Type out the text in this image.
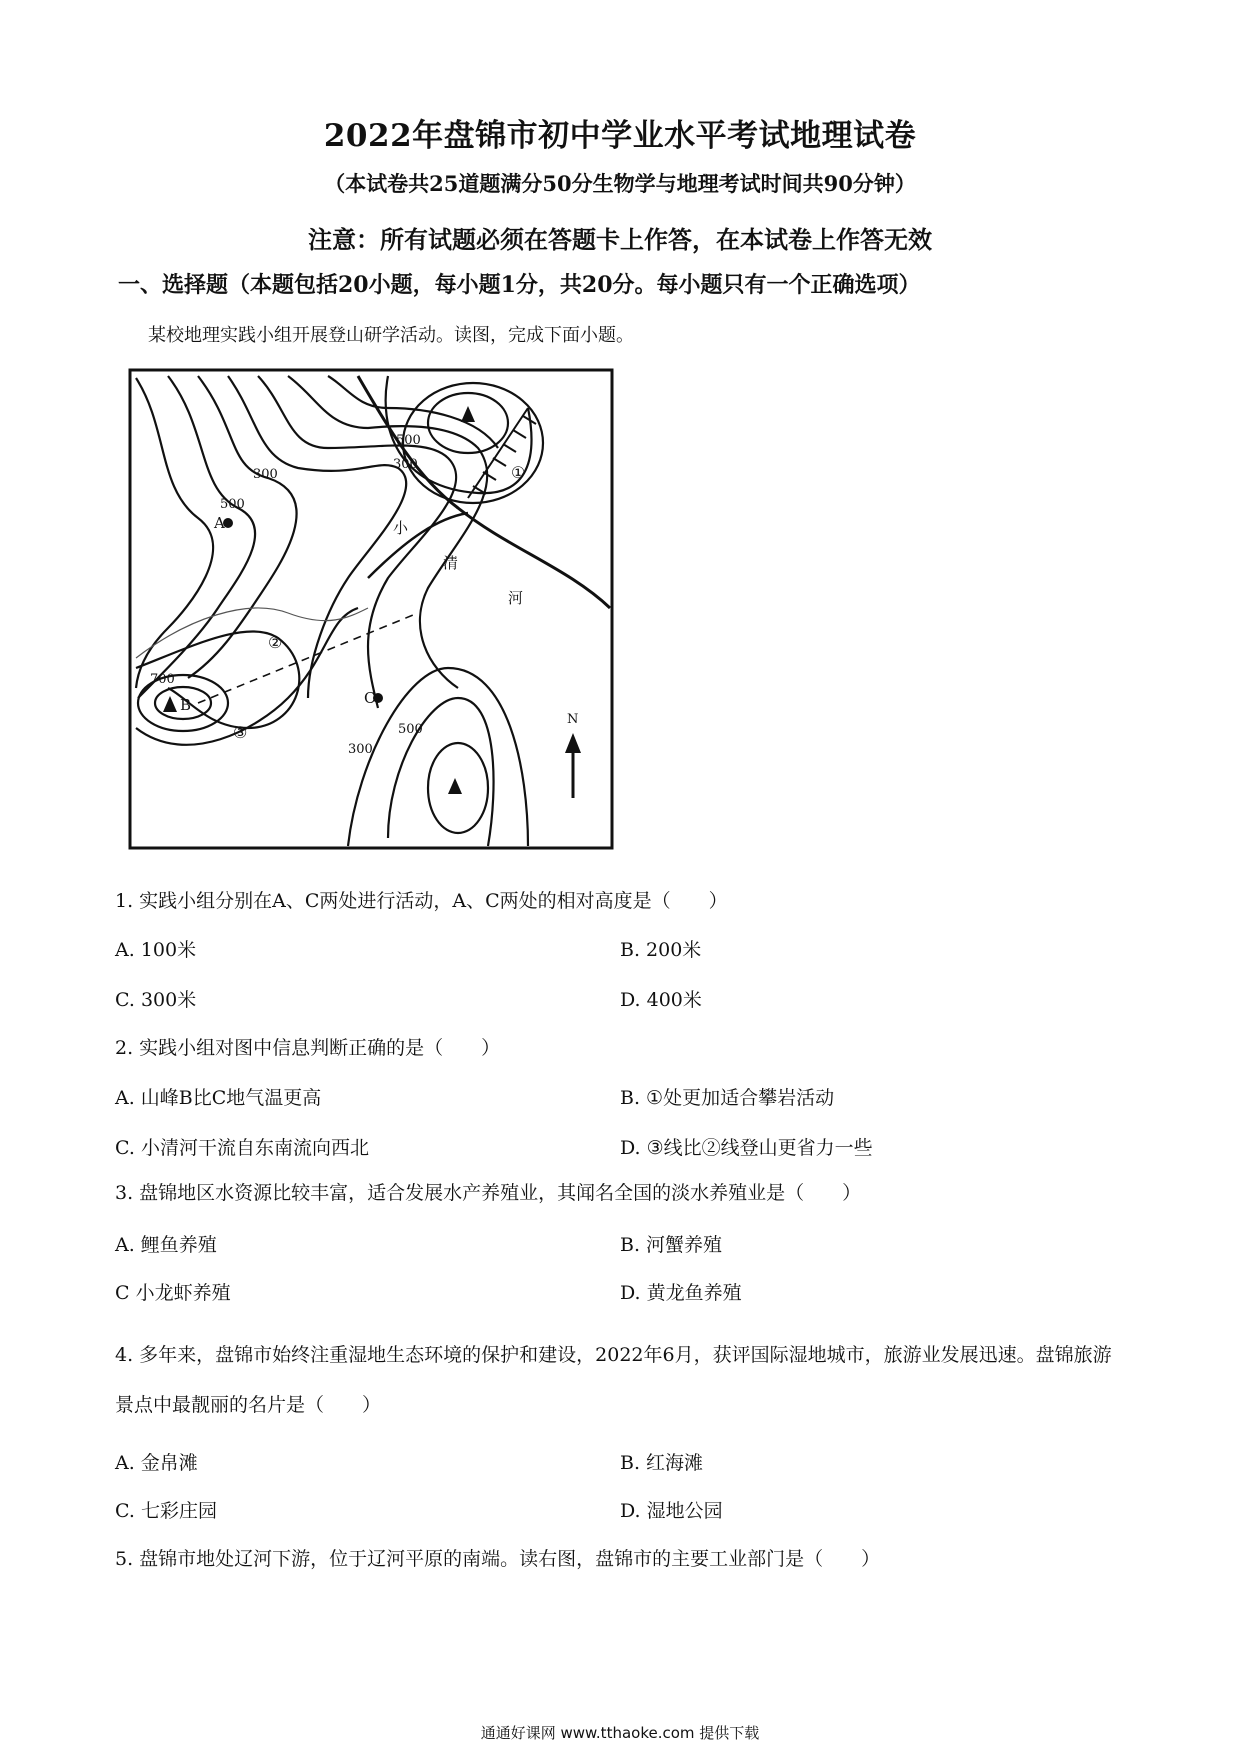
2022年盘锦市初中学业水平考试地理试卷
（本试卷共25道题满分50分生物学与地理考试时间共90分钟）
注意：所有试题必须在答题卡上作答，在本试卷上作答无效
一、选择题（本题包括20小题，每小题1分，共20分。每小题只有一个正确选项）
某校地理实践小组开展登山研学活动。读图，完成下面小题。
300
500
300
500
700
300
500
A
B	C
①
②
③
小
清
河
N
1. 实践小组分别在A、C两处进行活动，A、C两处的相对高度是（　　）
A. 100米	B. 200米
C. 300米	D. 400米
2. 实践小组对图中信息判断正确的是（　　）
A. 山峰B比C地气温更高	B. ①处更加适合攀岩活动
C. 小清河干流自东南流向西北	D. ③线比②线登山更省力一些
3. 盘锦地区水资源比较丰富，适合发展水产养殖业，其闻名全国的淡水养殖业是（　　）
A. 鲤鱼养殖	B. 河蟹养殖
C 小龙虾养殖	D. 黄龙鱼养殖
4. 多年来，盘锦市始终注重湿地生态环境的保护和建设，2022年6月，获评国际湿地城市，旅游业发展迅速。盘锦旅游景点中最靓丽的名片是（　　）
A. 金帛滩	B. 红海滩
C. 七彩庄园	D. 湿地公园
5. 盘锦市地处辽河下游，位于辽河平原的南端。读右图，盘锦市的主要工业部门是（　　）
通通好课网 www.tthaoke.com 提供下载
